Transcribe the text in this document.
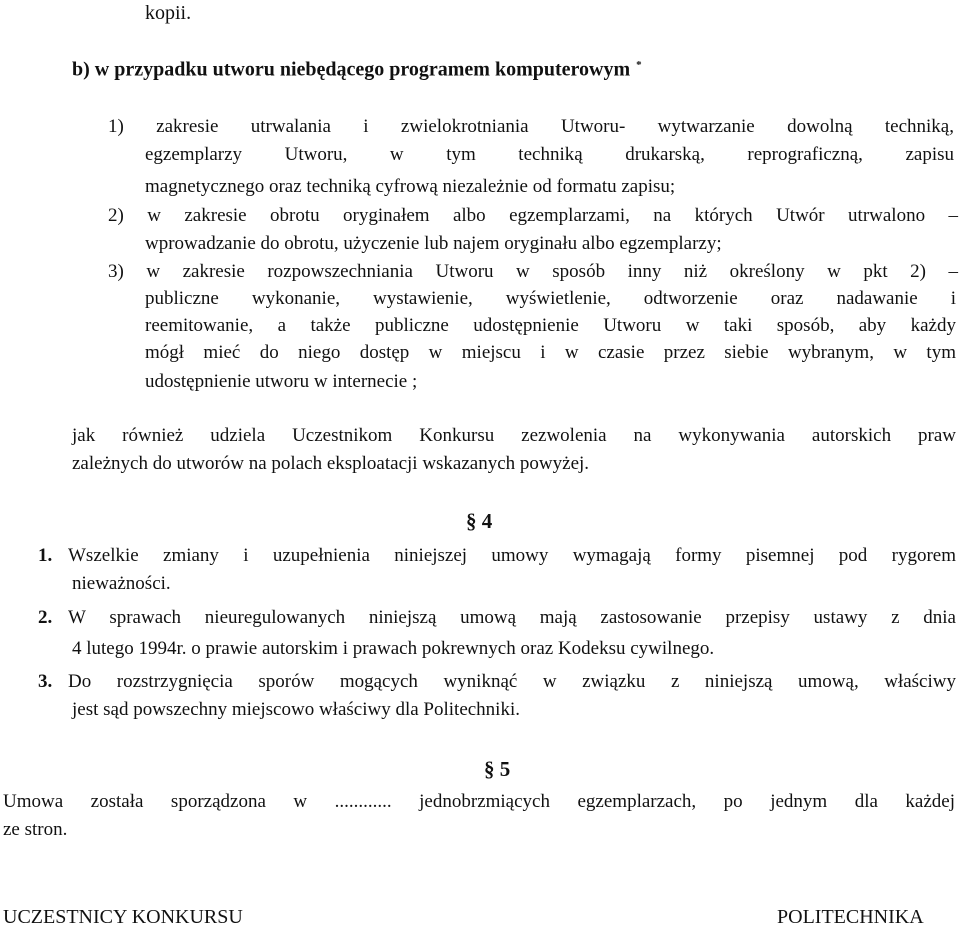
kopii.
b) w przypadku utworu niebędącego programem komputerowym *
1) zakresie utrwalania i zwielokrotniania Utworu- wytwarzanie dowolną techniką,
egzemplarzy Utworu, w tym techniką drukarską, reprograficzną, zapisu
magnetycznego oraz techniką cyfrową niezależnie od formatu zapisu;
2) w zakresie obrotu oryginałem albo egzemplarzami, na których Utwór utrwalono –
wprowadzanie do obrotu, użyczenie lub najem oryginału albo egzemplarzy;
3) w zakresie rozpowszechniania Utworu w sposób inny niż określony w pkt 2) –
publiczne wykonanie, wystawienie, wyświetlenie, odtworzenie oraz nadawanie i
reemitowanie, a także publiczne udostępnienie Utworu w taki sposób, aby każdy
mógł mieć do niego dostęp w miejscu i w czasie przez siebie wybranym, w tym
udostępnienie utworu w internecie ;
jak również udziela Uczestnikom Konkursu zezwolenia na wykonywania autorskich praw
zależnych do utworów na polach eksploatacji wskazanych powyżej.
§ 4
1. Wszelkie zmiany i uzupełnienia niniejszej umowy wymagają formy pisemnej pod rygorem
nieważności.
2. W sprawach nieuregulowanych niniejszą umową mają zastosowanie przepisy ustawy z dnia
4 lutego 1994r. o prawie autorskim i prawach pokrewnych oraz Kodeksu cywilnego.
3. Do rozstrzygnięcia sporów mogących wyniknąć w związku z niniejszą umową, właściwy
jest sąd powszechny miejscowo właściwy dla Politechniki.
§ 5
Umowa została sporządzona w ............ jednobrzmiących egzemplarzach, po jednym dla każdej
ze stron.
UCZESTNICY KONKURSU	POLITECHNIKA
